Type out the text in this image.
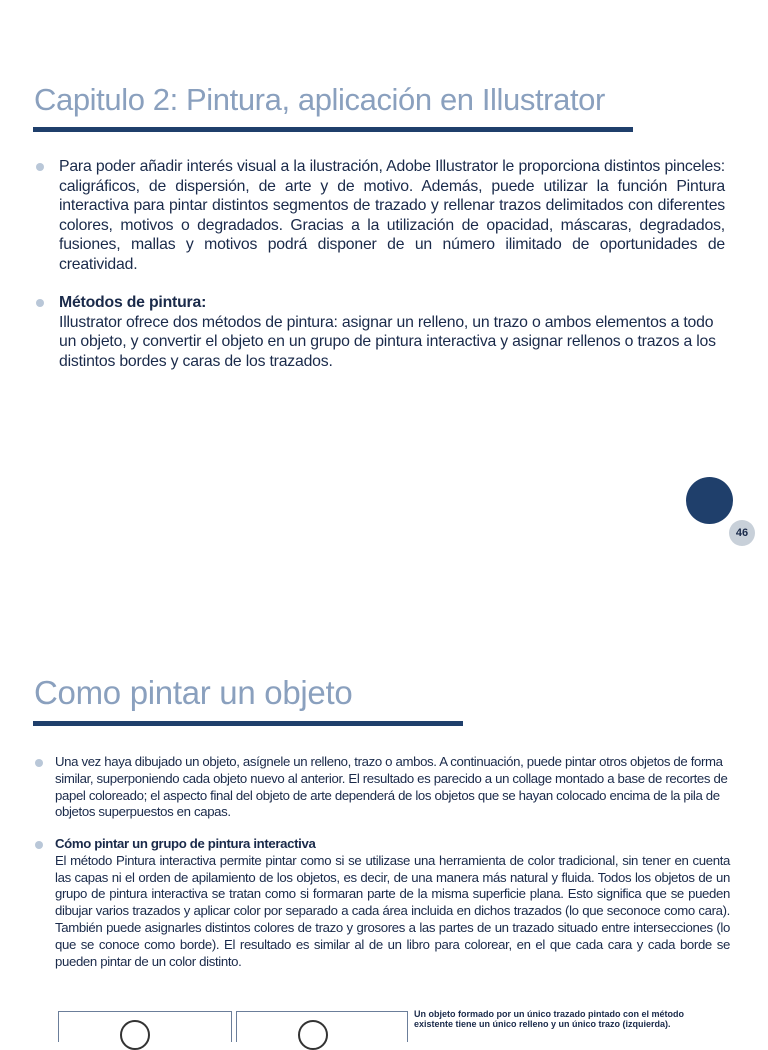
Capitulo 2: Pintura, aplicación en Illustrator

Para poder añadir interés visual a la ilustración, Adobe Illustrator le proporciona distintos pinceles: caligráficos, de dispersión, de arte y de motivo. Además, puede utilizar la función Pintura interactiva para pintar distintos segmentos de trazado y rellenar trazos delimitados con diferentes colores, motivos o degradados. Gracias a la utilización de opacidad, máscaras, degradados, fusiones, mallas y motivos podrá disponer de un número ilimitado de oportunidades de creatividad.

Métodos de pintura:

Illustrator ofrece dos métodos de pintura: asignar un relleno, un trazo o ambos elementos a todo un objeto, y convertir el objeto en un grupo de pintura interactiva y asignar rellenos o trazos a los distintos bordes y caras de los trazados.

46
Como pintar un objeto

Una vez haya dibujado un objeto, asígnele un relleno, trazo o ambos. A continuación, puede pintar otros objetos de forma similar, superponiendo cada objeto nuevo al anterior. El resultado es parecido a un collage montado a base de recortes de papel coloreado; el aspecto final del objeto de arte dependerá de los objetos que se hayan colocado encima de la pila de objetos superpuestos en capas.

Cómo pintar un grupo de pintura interactiva

El método Pintura interactiva permite pintar como si se utilizase una herramienta de color tradicional, sin tener en cuenta las capas ni el orden de apilamiento de los objetos, es decir, de una manera más natural y fluida. Todos los objetos de un grupo de pintura interactiva se tratan como si formaran parte de la misma superficie plana. Esto significa que se pueden dibujar varios trazados y aplicar color por separado a cada área incluida en dichos trazados (lo que seconoce como cara). También puede asignarles distintos colores de trazo y grosores a las partes de un trazado situado entre intersecciones (lo que se conoce como borde). El resultado es similar al de un libro para colorear, en el que cada cara y cada borde se pueden pintar de un color distinto.

Un objeto formado por un único trazado pintado con el método existente tiene un único relleno y un único trazo (izquierda).
